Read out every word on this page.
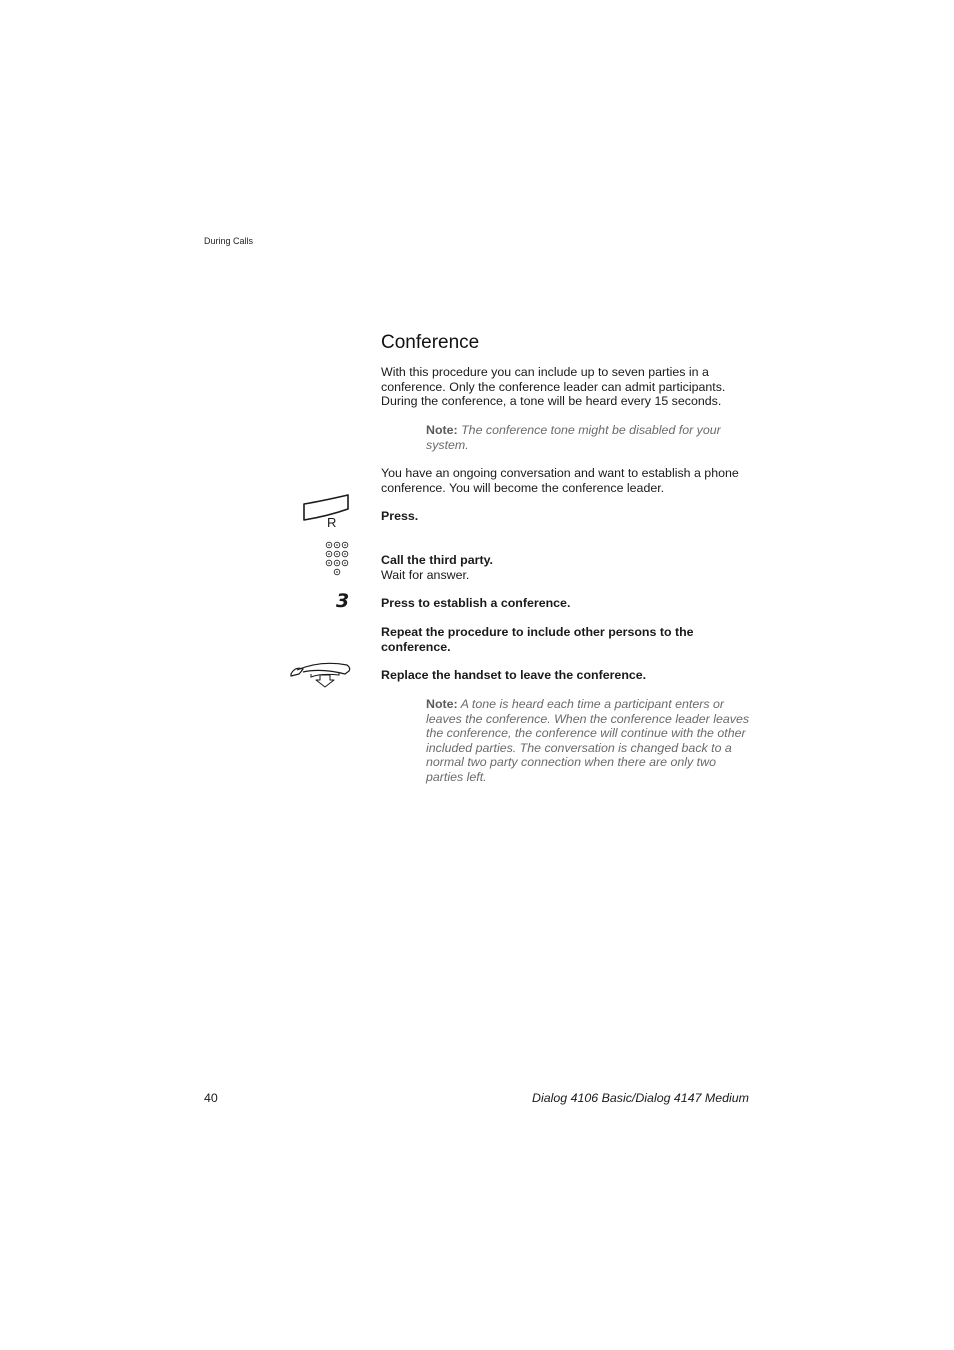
During Calls
Conference

With this procedure you can include up to seven parties in a conference. Only the conference leader can admit participants. During the conference, a tone will be heard every 15 seconds.

Note: The conference tone might be disabled for your system.

You have an ongoing conversation and want to establish a phone conference. You will become the conference leader.

R	Press.

Call the third party.
Wait for answer.

3	Press to establish a conference.

Repeat the procedure to include other persons to the conference.

Replace the handset to leave the conference.

Note: A tone is heard each time a participant enters or leaves the conference. When the conference leader leaves the conference, the conference will continue with the other included parties. The conversation is changed back to a normal two party connection when there are only two parties left.

40	Dialog 4106 Basic/Dialog 4147 Medium
